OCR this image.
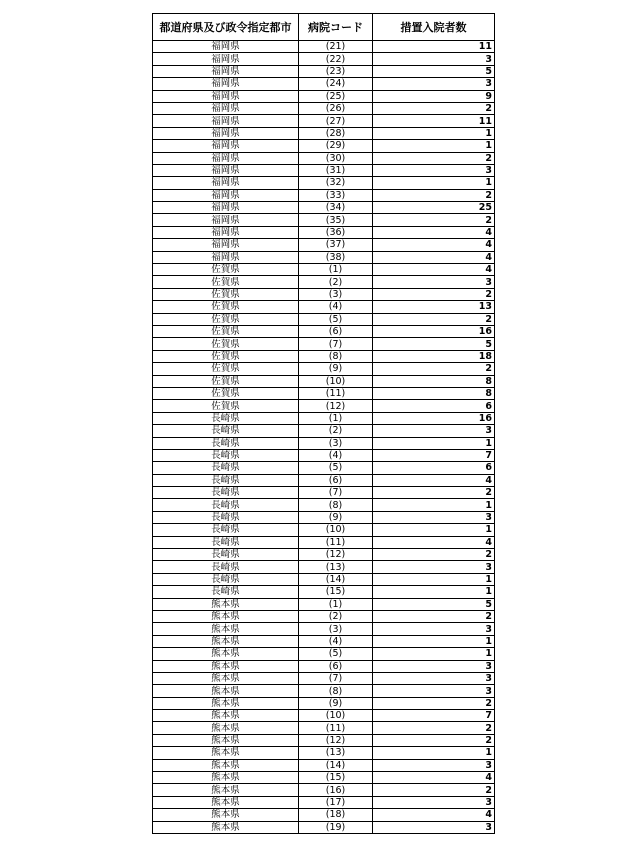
都道府県及び政令指定都市	病院コード	措置入院者数
福岡県	(21)	11
福岡県	(22)	3
福岡県	(23)	5
福岡県	(24)	3
福岡県	(25)	9
福岡県	(26)	2
福岡県	(27)	11
福岡県	(28)	1
福岡県	(29)	1
福岡県	(30)	2
福岡県	(31)	3
福岡県	(32)	1
福岡県	(33)	2
福岡県	(34)	25
福岡県	(35)	2
福岡県	(36)	4
福岡県	(37)	4
福岡県	(38)	4
佐賀県	(1)	4
佐賀県	(2)	3
佐賀県	(3)	2
佐賀県	(4)	13
佐賀県	(5)	2
佐賀県	(6)	16
佐賀県	(7)	5
佐賀県	(8)	18
佐賀県	(9)	2
佐賀県	(10)	8
佐賀県	(11)	8
佐賀県	(12)	6
長崎県	(1)	16
長崎県	(2)	3
長崎県	(3)	1
長崎県	(4)	7
長崎県	(5)	6
長崎県	(6)	4
長崎県	(7)	2
長崎県	(8)	1
長崎県	(9)	3
長崎県	(10)	1
長崎県	(11)	4
長崎県	(12)	2
長崎県	(13)	3
長崎県	(14)	1
長崎県	(15)	1
熊本県	(1)	5
熊本県	(2)	2
熊本県	(3)	3
熊本県	(4)	1
熊本県	(5)	1
熊本県	(6)	3
熊本県	(7)	3
熊本県	(8)	3
熊本県	(9)	2
熊本県	(10)	7
熊本県	(11)	2
熊本県	(12)	2
熊本県	(13)	1
熊本県	(14)	3
熊本県	(15)	4
熊本県	(16)	2
熊本県	(17)	3
熊本県	(18)	4
熊本県	(19)	3
